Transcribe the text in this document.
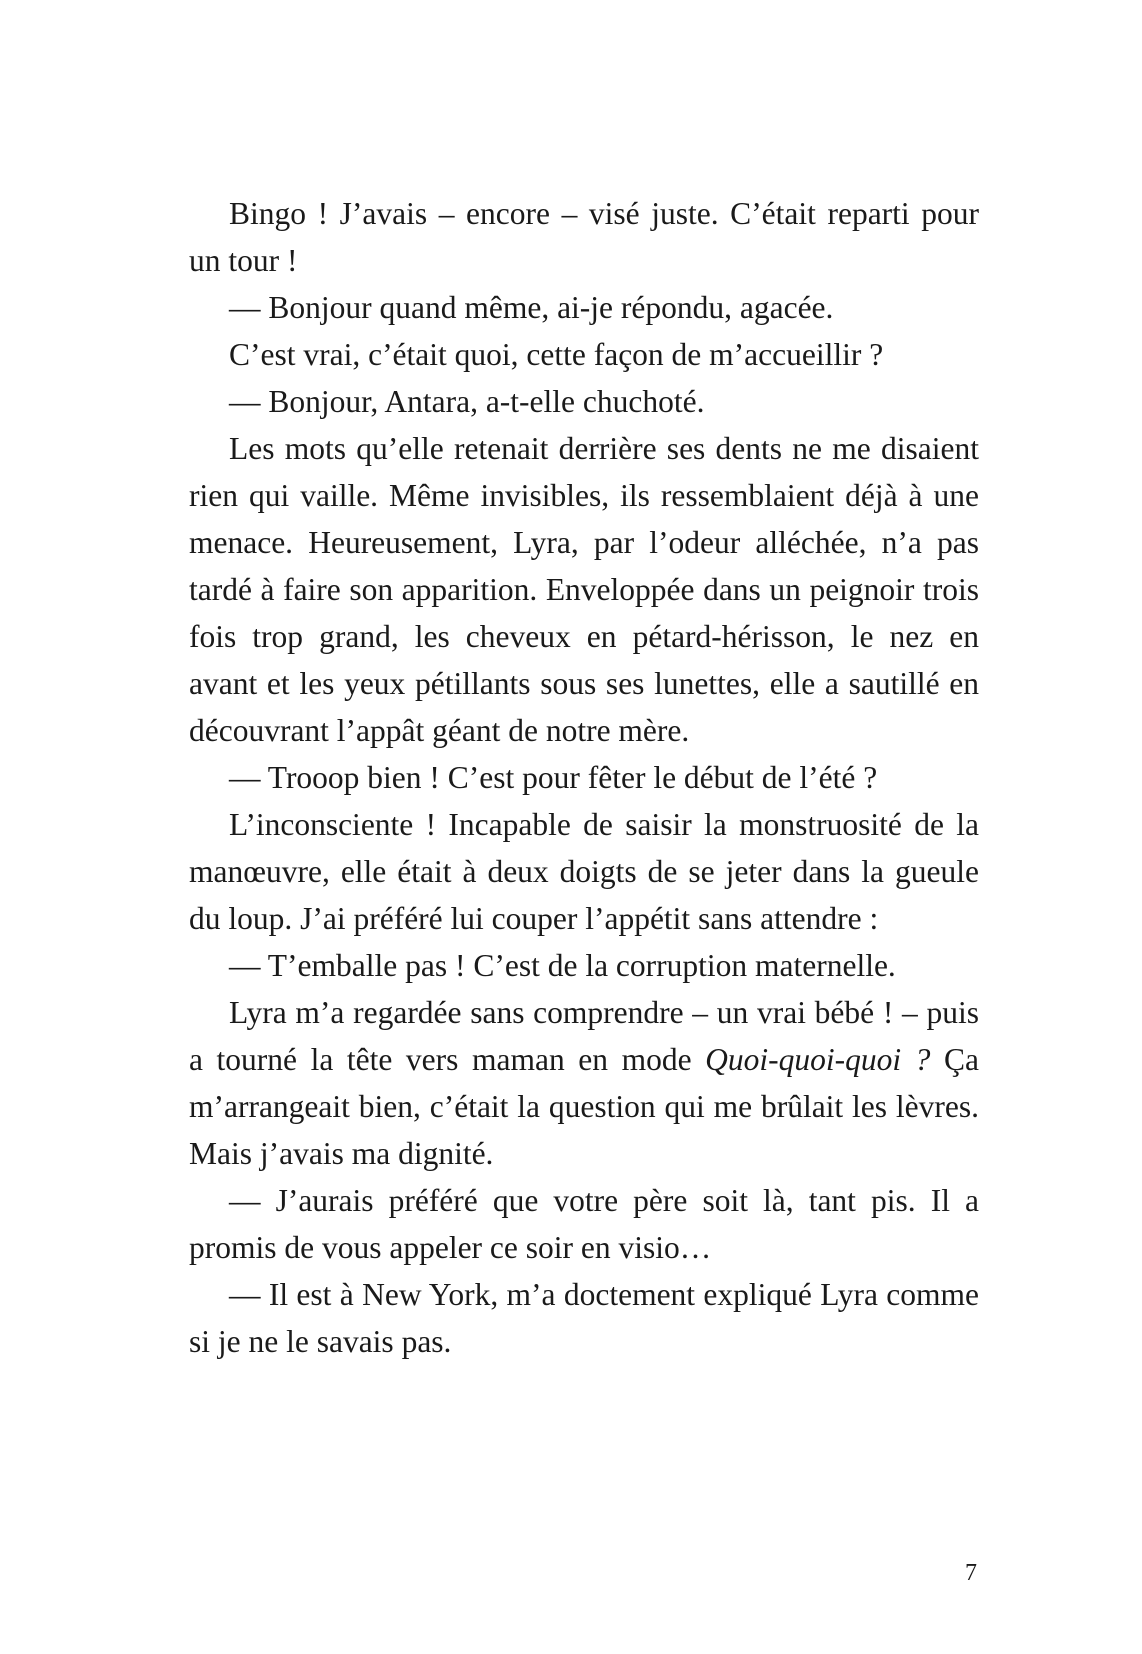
Bingo ! J’avais – encore – visé juste. C’était reparti pour un tour !

— Bonjour quand même, ai-je répondu, agacée.

C’est vrai, c’était quoi, cette façon de m’accueillir ?

— Bonjour, Antara, a-t-elle chuchoté.

Les mots qu’elle retenait derrière ses dents ne me disaient rien qui vaille. Même invisibles, ils ressemblaient déjà à une menace. Heureusement, Lyra, par l’odeur alléchée, n’a pas tardé à faire son apparition. Enveloppée dans un peignoir trois fois trop grand, les cheveux en pétard-hérisson, le nez en avant et les yeux pétillants sous ses lunettes, elle a sautillé en découvrant l’appât géant de notre mère.

— Trooop bien ! C’est pour fêter le début de l’été ?

L’inconsciente ! Incapable de saisir la monstruosité de la manœuvre, elle était à deux doigts de se jeter dans la gueule du loup. J’ai préféré lui couper l’appétit sans attendre :

— T’emballe pas ! C’est de la corruption maternelle.

Lyra m’a regardée sans comprendre – un vrai bébé ! – puis a tourné la tête vers maman en mode Quoi-quoi-quoi ? Ça m’arrangeait bien, c’était la question qui me brûlait les lèvres. Mais j’avais ma dignité.

— J’aurais préféré que votre père soit là, tant pis. Il a promis de vous appeler ce soir en visio…

— Il est à New York, m’a doctement expliqué Lyra comme si je ne le savais pas.

7
